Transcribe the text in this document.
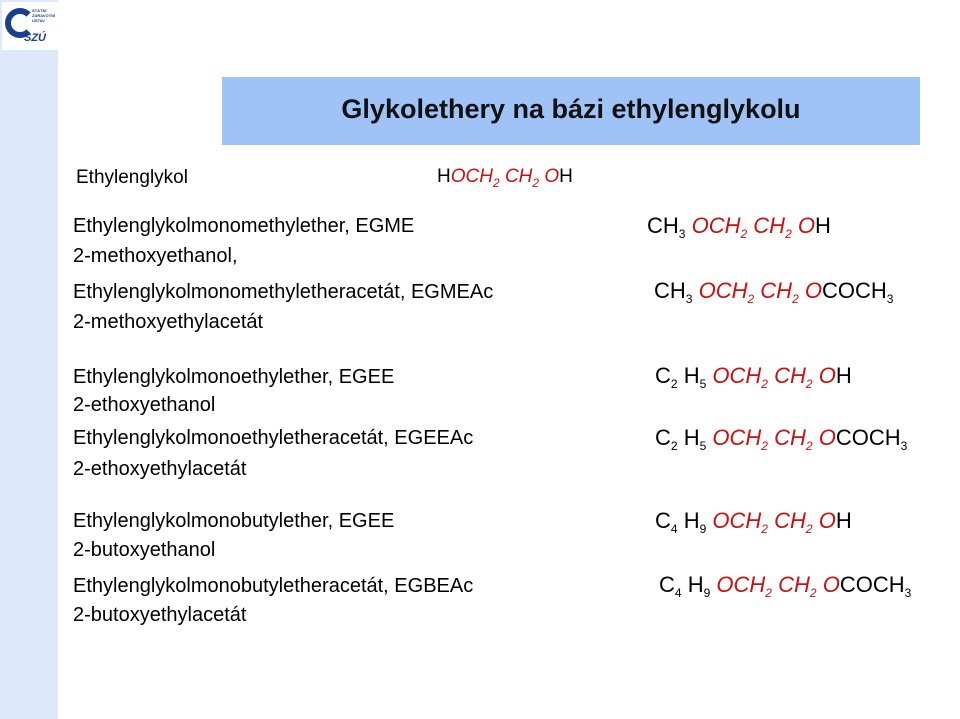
STÁTNÍ ZDRAVOTNÍ ÚSTAV
SZÚ
Glykolethery na bázi ethylenglykolu
Ethylenglykol	$HOCH_2$ $CH_2$ OH
Ethylenglykolmonomethylether, EGME
2-methoxyethanol,
Ethylenglykolmonomethyletheracetát, EGMEAc
2-methoxyethylacetát
Ethylenglykolmonoethylether, EGEE
2-ethoxyethanol
Ethylenglykolmonoethyletheracetát, EGEEAc
2-ethoxyethylacetát
Ethylenglykolmonobutylether, EGEE
2-butoxyethanol
Ethylenglykolmonobutyletheracetát, EGBEAc
2-butoxyethylacetát
$CH_3$ $OCH_2$ $CH_2$ OH
$CH_3$ $OCH_2$ $CH_2$ $OCOCH_3$
$C_2$ $H_5$ $OCH_2$ $CH_2$ OH
$C_2$ $H_5$ $OCH_2$ $CH_2$ $OCOCH_3$
$C_4$ $H_9$ $OCH_2$ $CH_2$ OH
$C_4$ $H_9$ $OCH_2$ $CH_2$ $OCOCH_3$
